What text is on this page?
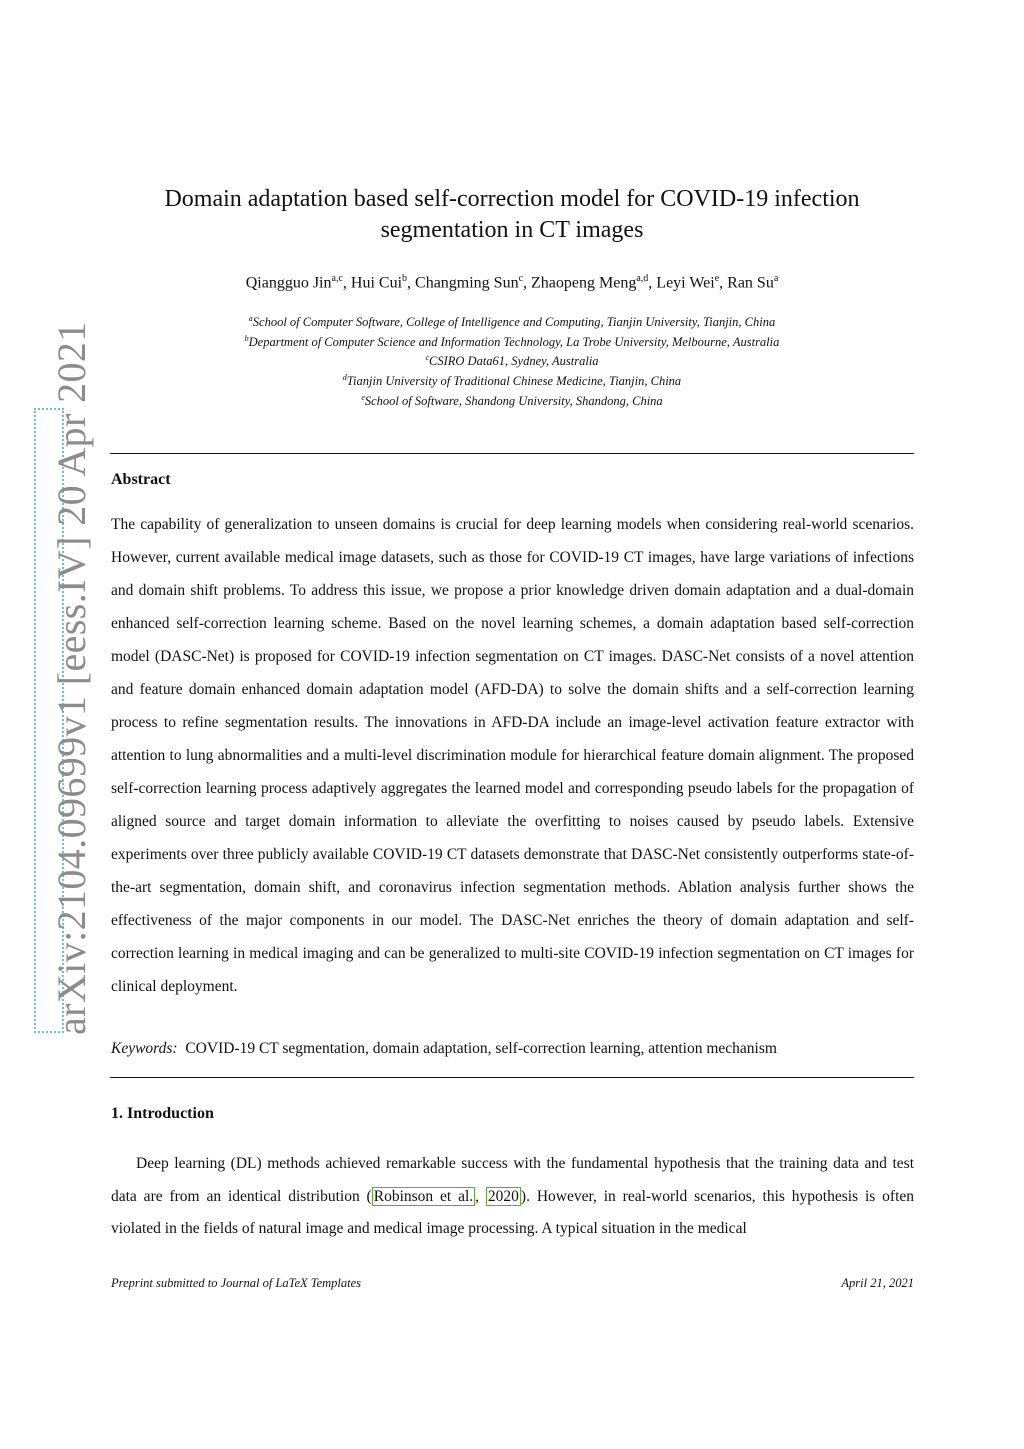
arXiv:2104.09699v1 [eess.IV] 20 Apr 2021
Domain adaptation based self-correction model for COVID-19 infection segmentation in CT images
Qiangguo Jin$^{a,c}$, Hui Cui$^b$, Changming Sun$^c$, Zhaopeng Meng$^{a,d}$, Leyi Wei$^e$, Ran Su$^a$
$^a$School of Computer Software, College of Intelligence and Computing, Tianjin University, Tianjin, China
$^b$Department of Computer Science and Information Technology, La Trobe University, Melbourne, Australia
$^c$CSIRO Data61, Sydney, Australia
$^d$Tianjin University of Traditional Chinese Medicine, Tianjin, China
$^e$School of Software, Shandong University, Shandong, China
Abstract
The capability of generalization to unseen domains is crucial for deep learning models when considering real-world scenarios. However, current available medical image datasets, such as those for COVID-19 CT images, have large variations of infections and domain shift problems. To address this issue, we propose a prior knowledge driven domain adaptation and a dual-domain enhanced self-correction learning scheme. Based on the novel learning schemes, a domain adaptation based self-correction model (DASC-Net) is proposed for COVID-19 infection segmentation on CT images. DASC-Net consists of a novel attention and feature domain enhanced domain adaptation model (AFD-DA) to solve the domain shifts and a self-correction learning process to refine segmentation results. The innovations in AFD-DA include an image-level activation feature extractor with attention to lung abnormalities and a multi-level discrimination module for hierarchical feature domain alignment. The proposed self-correction learning process adaptively aggregates the learned model and corresponding pseudo labels for the propagation of aligned source and target domain information to alleviate the overfitting to noises caused by pseudo labels. Extensive experiments over three publicly available COVID-19 CT datasets demonstrate that DASC-Net consistently outperforms state-of-the-art segmentation, domain shift, and coronavirus infection segmentation methods. Ablation analysis further shows the effectiveness of the major components in our model. The DASC-Net enriches the theory of domain adaptation and self-correction learning in medical imaging and can be generalized to multi-site COVID-19 infection segmentation on CT images for clinical deployment.
Keywords: COVID-19 CT segmentation, domain adaptation, self-correction learning, attention mechanism
1. Introduction
Deep learning (DL) methods achieved remarkable success with the fundamental hypothesis that the training data and test data are from an identical distribution ( Robinson et al. , 2020 ). However, in real-world scenarios, this hypothesis is often violated in the fields of natural image and medical image processing. A typical situation in the medical
Preprint submitted to Journal of LaTeX Templates	April 21, 2021
